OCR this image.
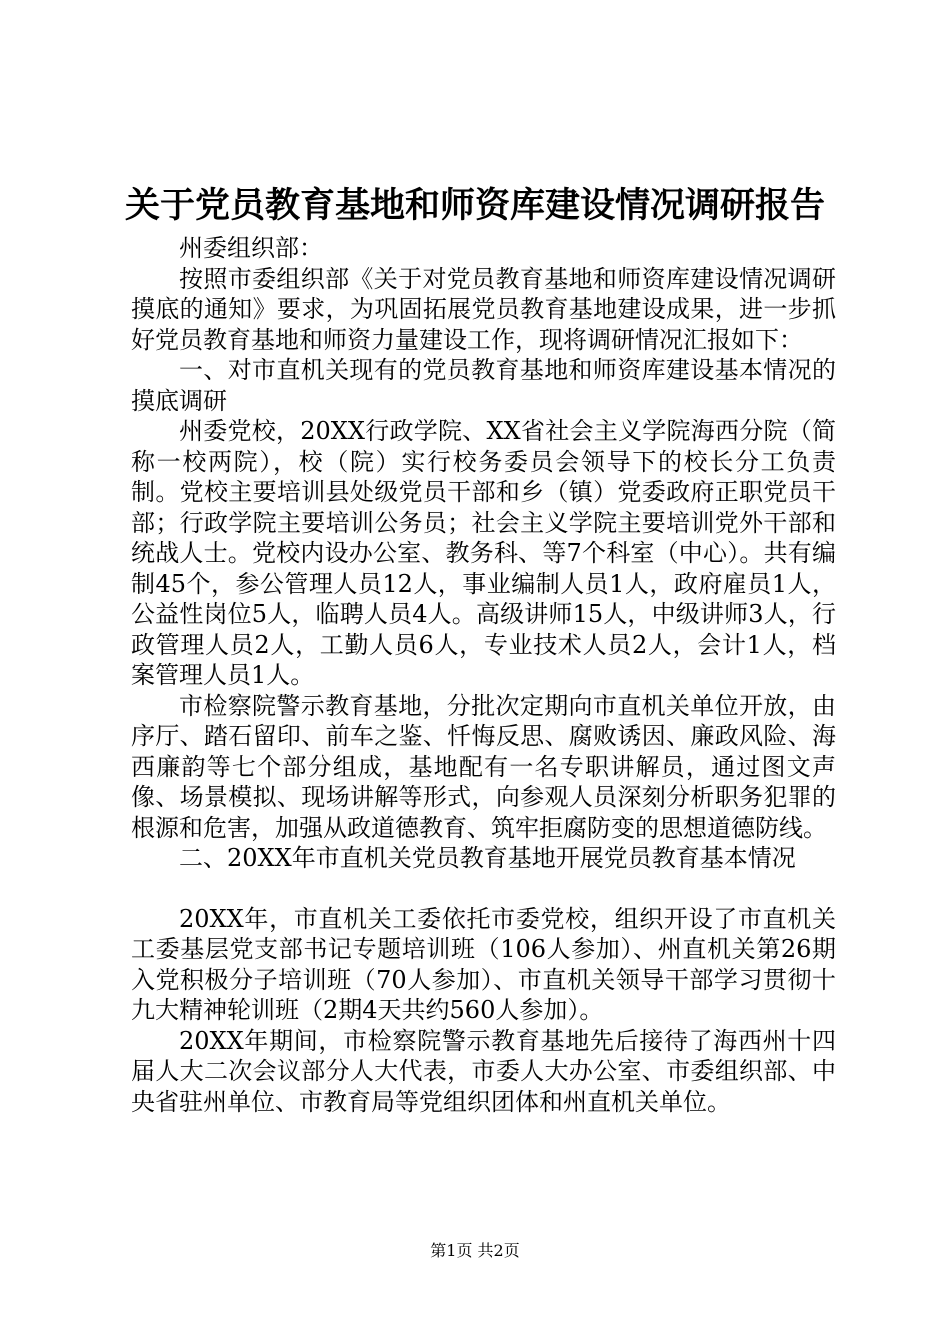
关于党员教育基地和师资库建设情况调研报告

州委组织部：

按照市委组织部《关于对党员教育基地和师资库建设情况调研摸底的通知》要求，为巩固拓展党员教育基地建设成果，进一步抓好党员教育基地和师资力量建设工作，现将调研情况汇报如下：

一、对市直机关现有的党员教育基地和师资库建设基本情况的摸底调研

州委党校，20XX行政学院、XX省社会主义学院海西分院（简称一校两院），校（院）实行校务委员会领导下的校长分工负责制。党校主要培训县处级党员干部和乡（镇）党委政府正职党员干部；行政学院主要培训公务员；社会主义学院主要培训党外干部和统战人士。党校内设办公室、教务科、等7个科室（中心）。共有编制45个，参公管理人员12人，事业编制人员1人，政府雇员1人，公益性岗位5人，临聘人员4人。高级讲师15人，中级讲师3人，行政管理人员2人，工勤人员6人，专业技术人员2人，会计1人，档案管理人员1人。

市检察院警示教育基地，分批次定期向市直机关单位开放，由序厅、踏石留印、前车之鉴、忏悔反思、腐败诱因、廉政风险、海西廉韵等七个部分组成，基地配有一名专职讲解员，通过图文声像、场景模拟、现场讲解等形式，向参观人员深刻分析职务犯罪的根源和危害，加强从政道德教育、筑牢拒腐防变的思想道德防线。

二、20XX年市直机关党员教育基地开展党员教育基本情况

20XX年，市直机关工委依托市委党校，组织开设了市直机关工委基层党支部书记专题培训班（106人参加）、州直机关第26期入党积极分子培训班（70人参加）、市直机关领导干部学习贯彻十九大精神轮训班（2期4天共约560人参加）。

20XX年期间，市检察院警示教育基地先后接待了海西州十四届人大二次会议部分人大代表，市委人大办公室、市委组织部、中央省驻州单位、市教育局等党组织团体和州直机关单位。

第1页 共2页
